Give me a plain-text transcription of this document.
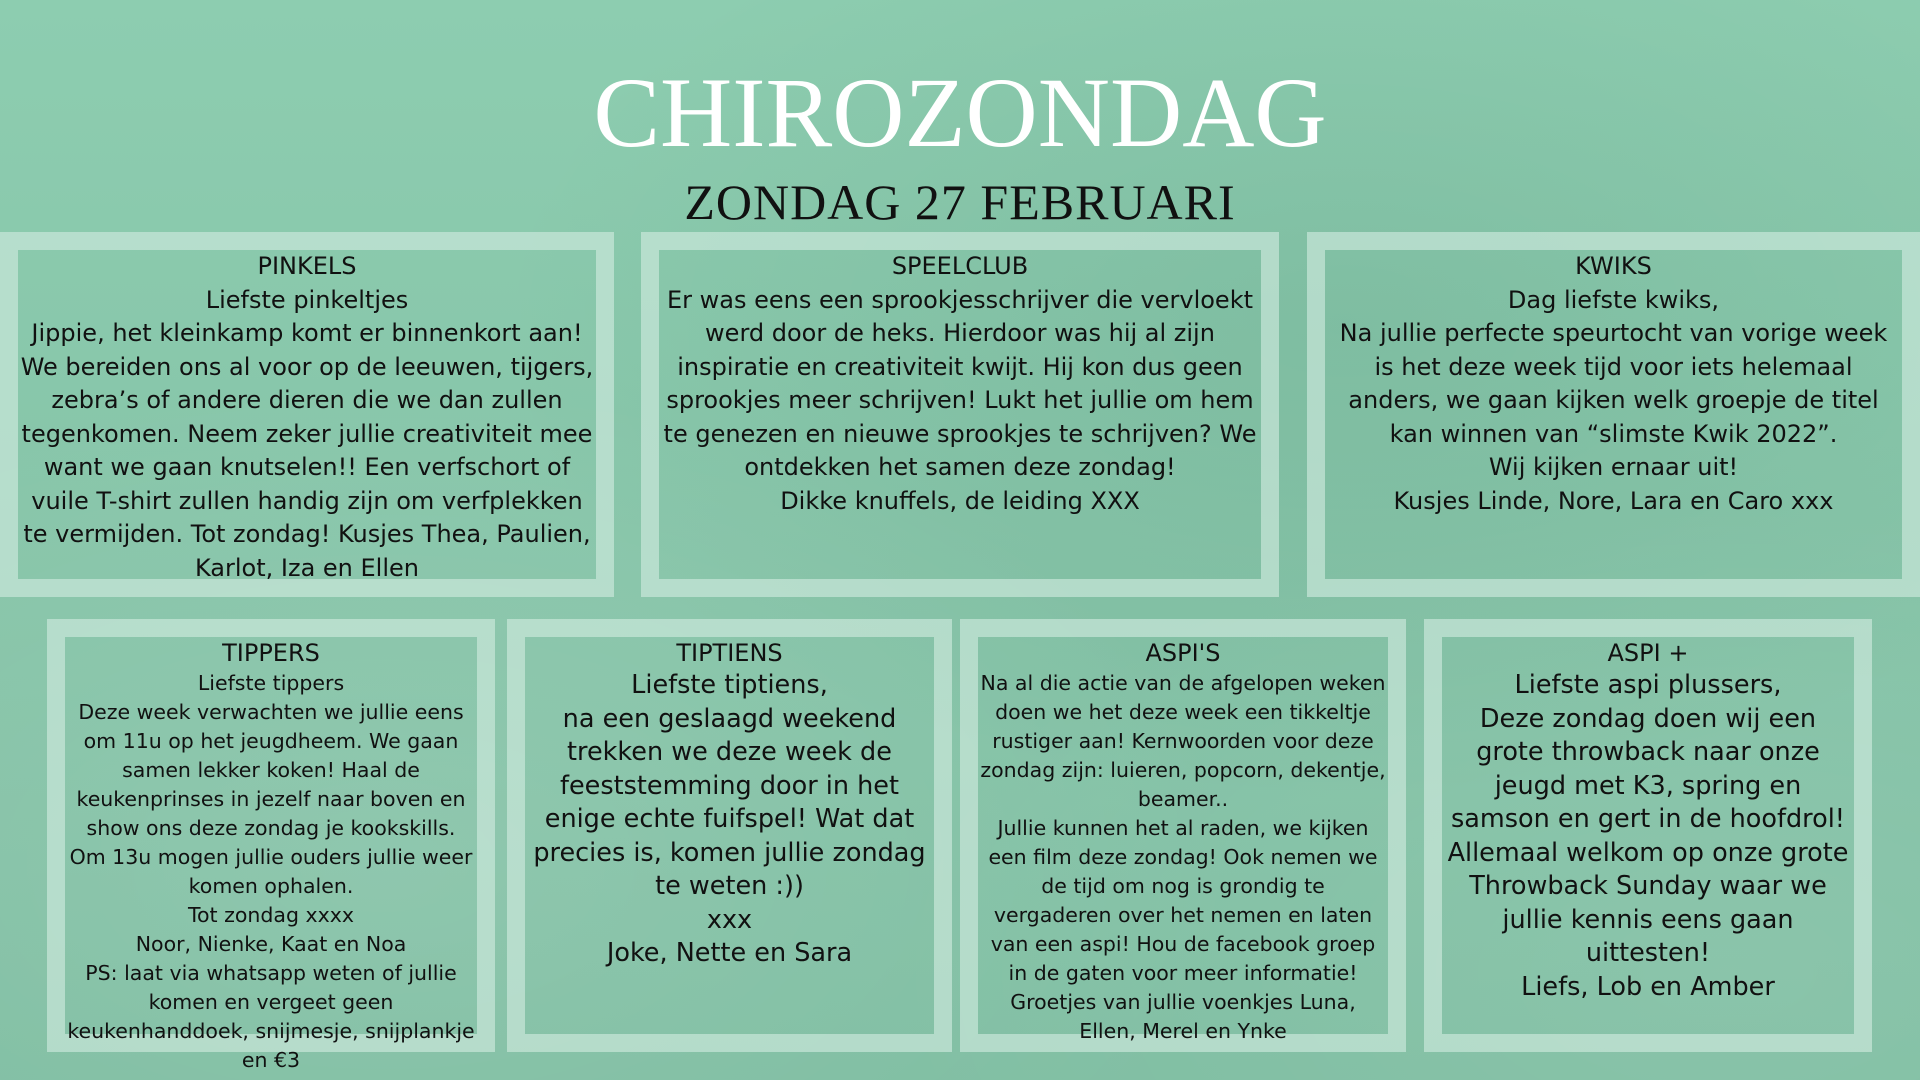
CHIROZONDAG
ZONDAG 27 FEBRUARI
PINKELS

Liefste pinkeltjes

Jippie, het kleinkamp komt er binnenkort aan! We bereiden ons al voor op de leeuwen, tijgers, zebra’s of andere dieren die we dan zullen tegenkomen. Neem zeker jullie creativiteit mee want we gaan knutselen!! Een verfschort of vuile T-shirt zullen handig zijn om verfplekken te vermijden. Tot zondag! Kusjes Thea, Paulien, Karlot, Iza en Ellen

SPEELCLUB

Er was eens een sprookjesschrijver die vervloekt werd door de heks. Hierdoor was hij al zijn inspiratie en creativiteit kwijt. Hij kon dus geen sprookjes meer schrijven! Lukt het jullie om hem te genezen en nieuwe sprookjes te schrijven? We ontdekken het samen deze zondag!

Dikke knuffels, de leiding XXX

KWIKS

Dag liefste kwiks,

Na jullie perfecte speurtocht van vorige week is het deze week tijd voor iets helemaal anders, we gaan kijken welk groepje de titel kan winnen van “slimste Kwik 2022”.

Wij kijken ernaar uit!

Kusjes Linde, Nore, Lara en Caro xxx

TIPPERS

Liefste tippers

Deze week verwachten we jullie eens om 11u op het jeugdheem. We gaan samen lekker koken! Haal de keukenprinses in jezelf naar boven en show ons deze zondag je kookskills. Om 13u mogen jullie ouders jullie weer komen ophalen.

Tot zondag xxxx

Noor, Nienke, Kaat en Noa

PS: laat via whatsapp weten of jullie komen en vergeet geen keukenhanddoek, snijmesje, snijplankje en €3

TIPTIENS

Liefste tiptiens,

na een geslaagd weekend trekken we deze week de feeststemming door in het enige echte fuifspel! Wat dat precies is, komen jullie zondag te weten :))

xxx

Joke, Nette en Sara

ASPI'S

Na al die actie van de afgelopen weken doen we het deze week een tikkeltje rustiger aan! Kernwoorden voor deze zondag zijn: luieren, popcorn, dekentje, beamer..

Jullie kunnen het al raden, we kijken een film deze zondag! Ook nemen we de tijd om nog is grondig te vergaderen over het nemen en laten van een aspi! Hou de facebook groep in de gaten voor meer informatie!

Groetjes van jullie voenkjes Luna, Ellen, Merel en Ynke

ASPI +

Liefste aspi plussers,

Deze zondag doen wij een grote throwback naar onze jeugd met K3, spring en samson en gert in de hoofdrol!

Allemaal welkom op onze grote Throwback Sunday waar we jullie kennis eens gaan uittesten!

Liefs, Lob en Amber
